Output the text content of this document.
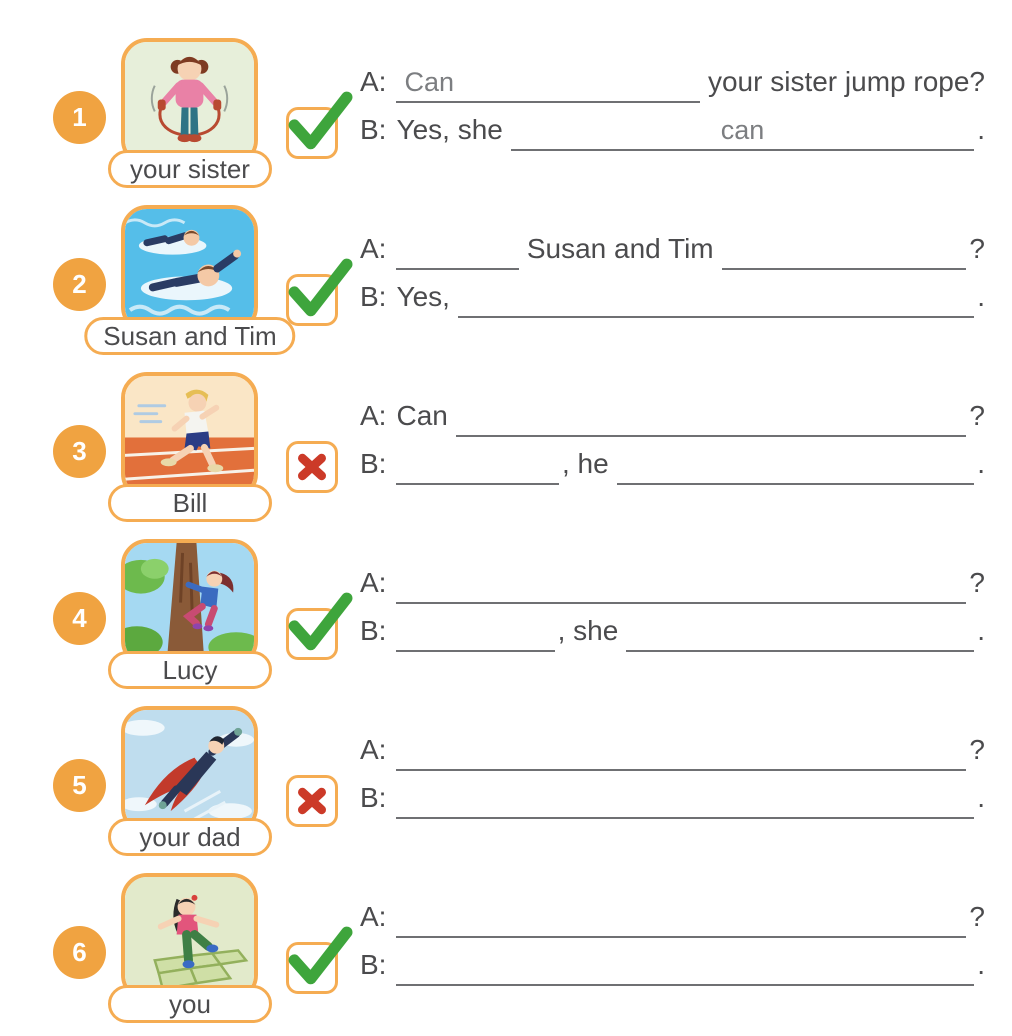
1
your sister
A: Can	your sister jump rope?
B: Yes, she	can	.
2
Susan and Tim
A:	Susan and Tim	?
B: Yes,	.
3
Bill
A: Can	?
B:	, he	.
4
Lucy
A:	?
B:	, she	.
5
your dad
A:	?
B:	.
6
you
A:	?
B:	.
